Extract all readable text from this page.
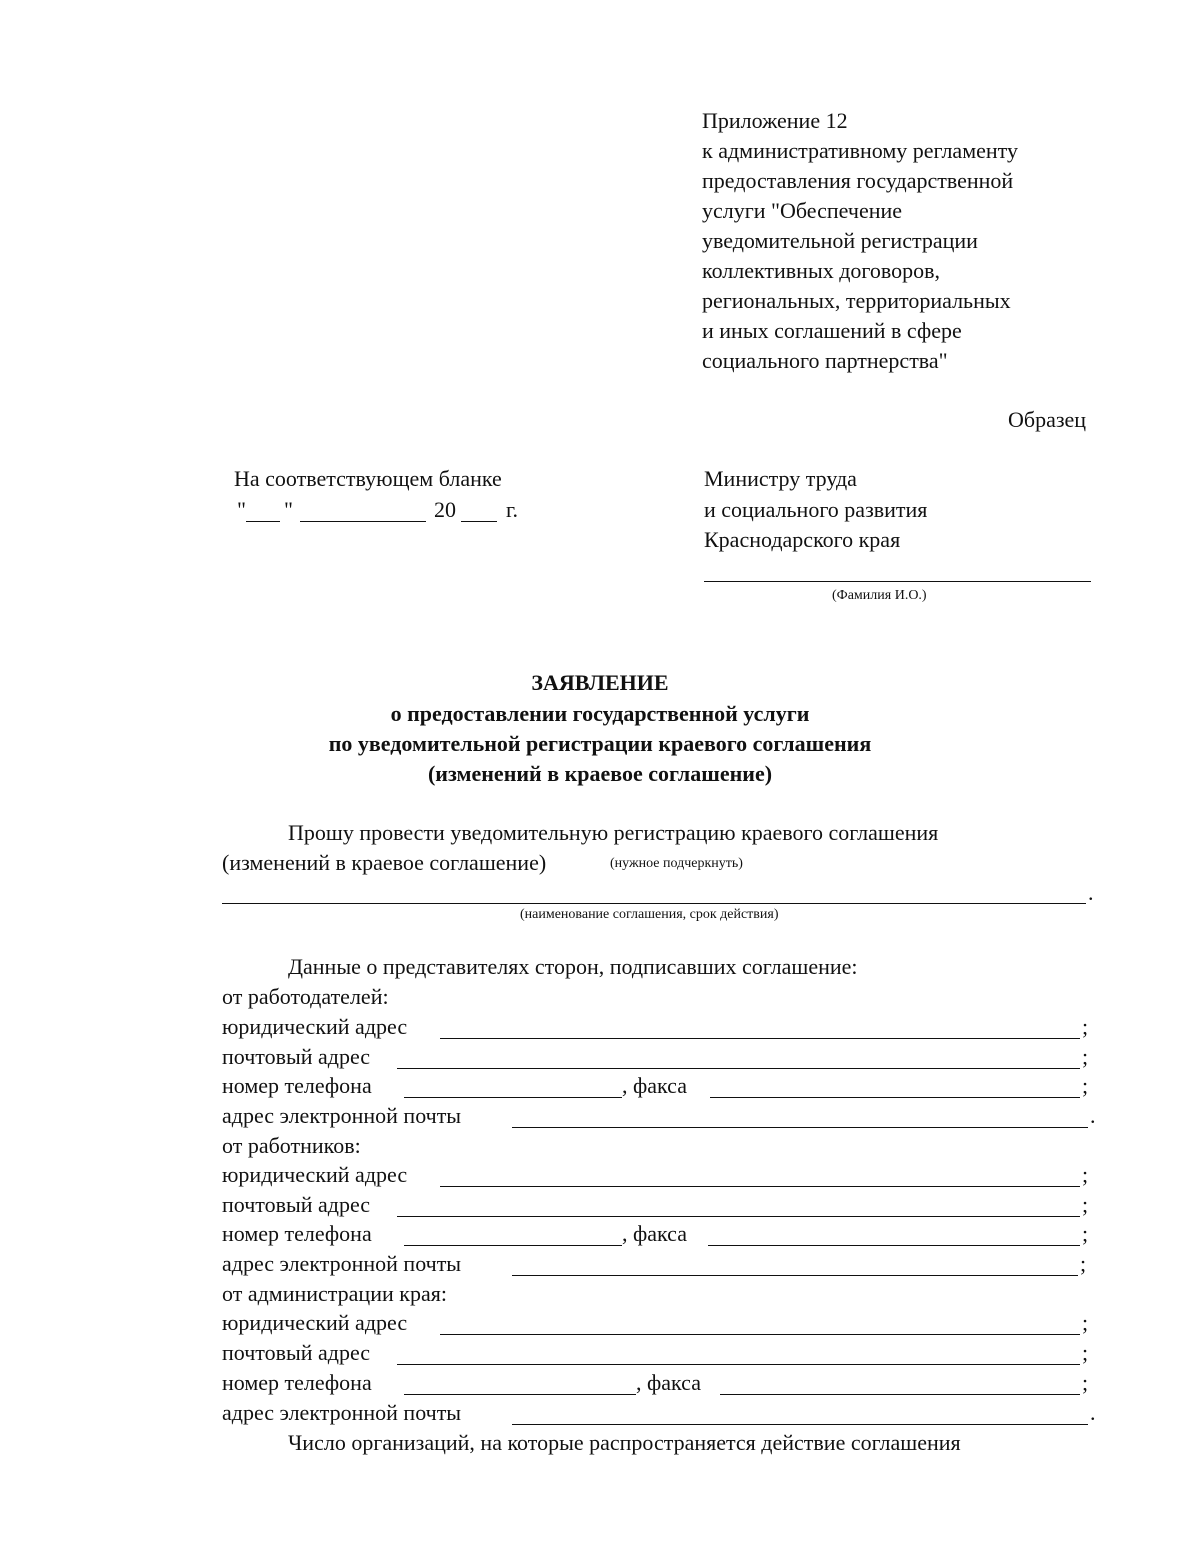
Приложение 12
к административному регламенту
предоставления государственной
услуги "Обеспечение
уведомительной регистрации
коллективных договоров,
региональных, территориальных
и иных соглашений в сфере
социального партнерства"
Образец
На соответствующем бланке
" "	20 г.
Министру труда
и социального развития
Краснодарского края
(Фамилия И.О.)
ЗАЯВЛЕНИЕ
о предоставлении государственной услуги
по уведомительной регистрации краевого соглашения
(изменений в краевое соглашение)
Прошу провести уведомительную регистрацию краевого соглашения
(изменений в краевое соглашение)	(нужное подчеркнуть)
.
(наименование соглашения, срок действия)
Данные о представителях сторон, подписавших соглашение:
от работодателей:
юридический адрес	;
почтовый адрес	;
номер телефона	, факса	;
адрес электронной почты	.
от работников:
юридический адрес	;
почтовый адрес	;
номер телефона	, факса	;
адрес электронной почты	;
от администрации края:
юридический адрес	;
почтовый адрес	;
номер телефона	, факса	;
адрес электронной почты	.
Число организаций, на которые распространяется действие соглашения
